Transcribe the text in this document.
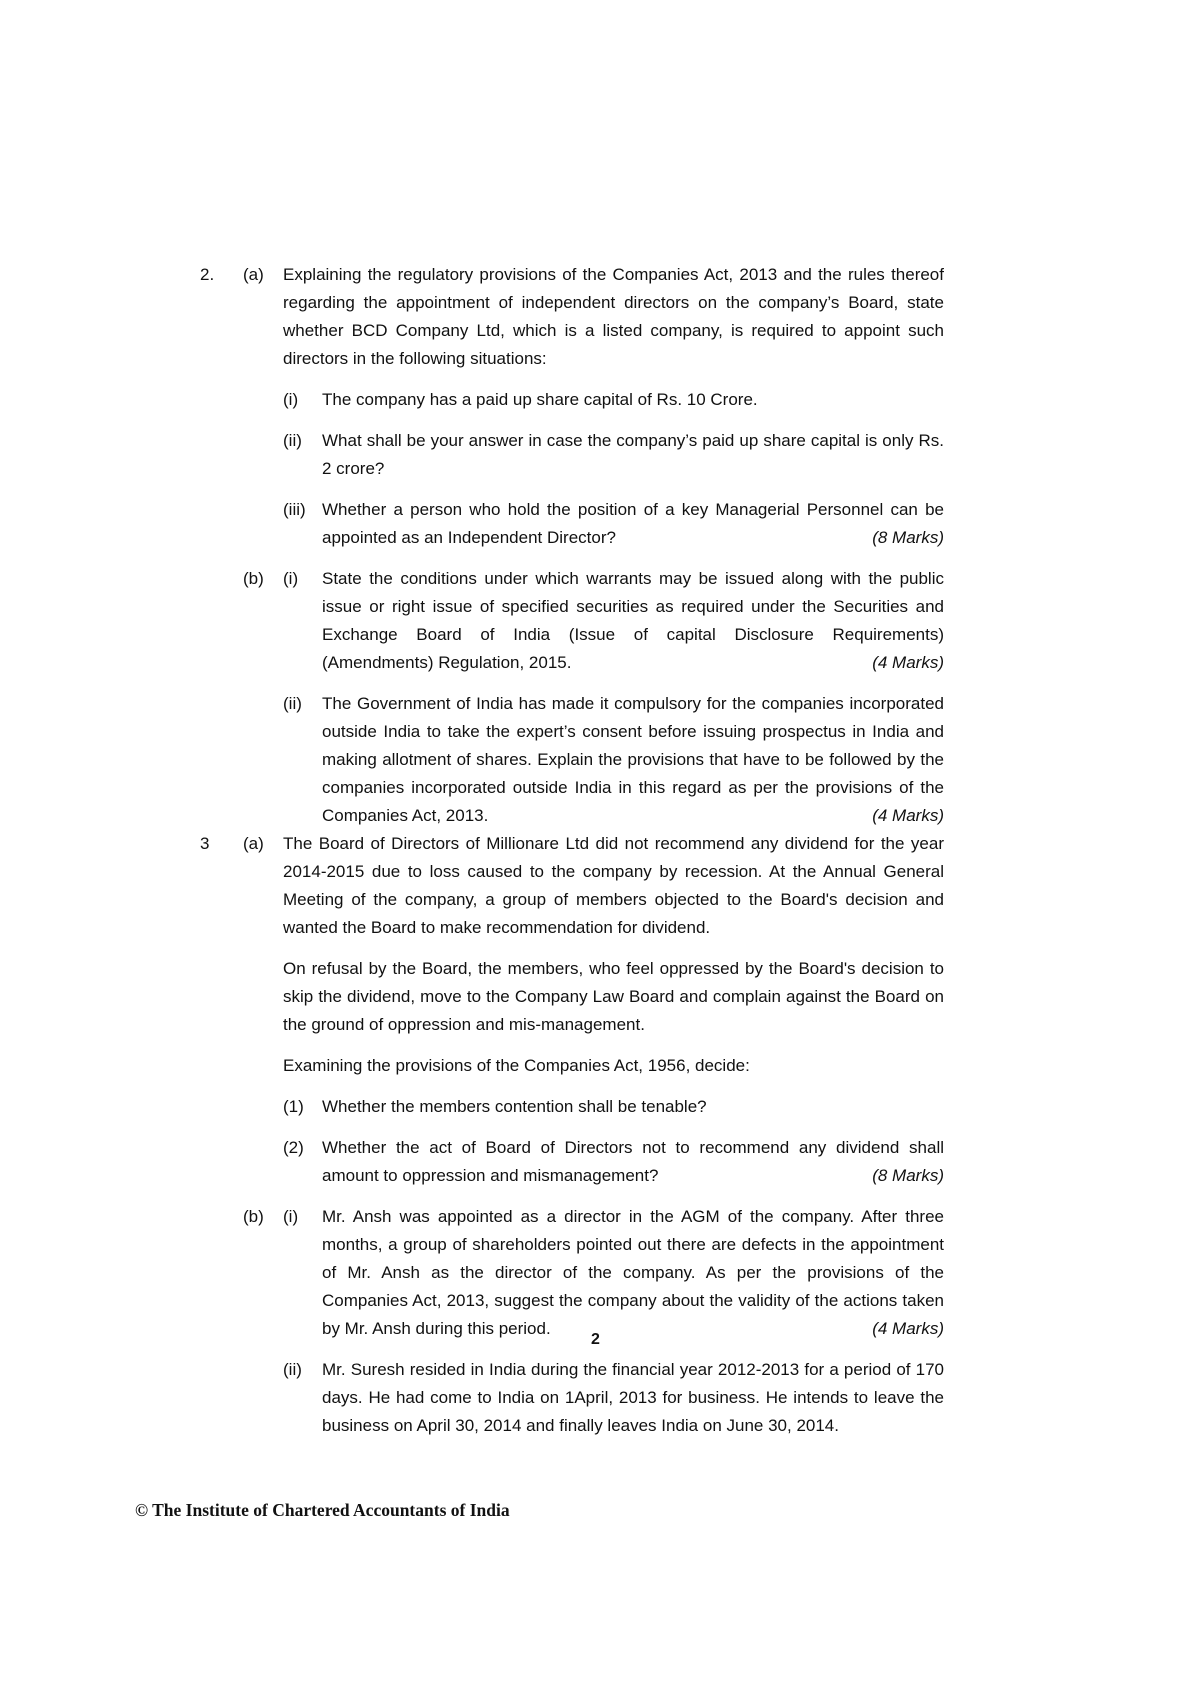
2.	(a)	Explaining the regulatory provisions of the Companies Act, 2013 and the rules thereof regarding the appointment of independent directors on the company’s Board, state whether BCD Company Ltd, which is a listed company, is required to appoint such directors in the following situations:

(i)	The company has a paid up share capital of Rs. 10 Crore.

(ii)	What shall be your answer in case the company’s paid up share capital is only Rs. 2 crore?

(iii) Whether a person who hold the position of a key Managerial Personnel can be appointed as an Independent Director?	(8 Marks)

(b)	(i)	State the conditions under which warrants may be issued along with the public issue or right issue of specified securities as required under the Securities and Exchange Board of India (Issue of capital Disclosure Requirements) (Amendments) Regulation, 2015.	(4 Marks)

(ii)	The Government of India has made it compulsory for the companies incorporated outside India to take the expert’s consent before issuing prospectus in India and making allotment of shares. Explain the provisions that have to be followed by the companies incorporated outside India in this regard as per the provisions of the Companies Act, 2013.	(4 Marks)

3	(a)	The Board of Directors of Millionare Ltd did not recommend any dividend for the year 2014-2015 due to loss caused to the company by recession. At the Annual General Meeting of the company, a group of members objected to the Board's decision and wanted the Board to make recommendation for dividend.

On refusal by the Board, the members, who feel oppressed by the Board's decision to skip the dividend, move to the Company Law Board and complain against the Board on the ground of oppression and mis-management.

Examining the provisions of the Companies Act, 1956, decide:

(1)	Whether the members contention shall be tenable?

(2)	Whether the act of Board of Directors not to recommend any dividend shall amount to oppression and mismanagement?	(8 Marks)

(b)	(i)	Mr. Ansh was appointed as a director in the AGM of the company. After three months, a group of shareholders pointed out there are defects in the appointment of Mr. Ansh as the director of the company. As per the provisions of the Companies Act, 2013, suggest the company about the validity of the actions taken by Mr. Ansh during this period.	(4 Marks)

(ii)	Mr. Suresh resided in India during the financial year 2012-2013 for a period of 170 days. He had come to India on 1April, 2013 for business. He intends to leave the business on April 30, 2014 and finally leaves India on June 30, 2014.

2
© The Institute of Chartered Accountants of India
